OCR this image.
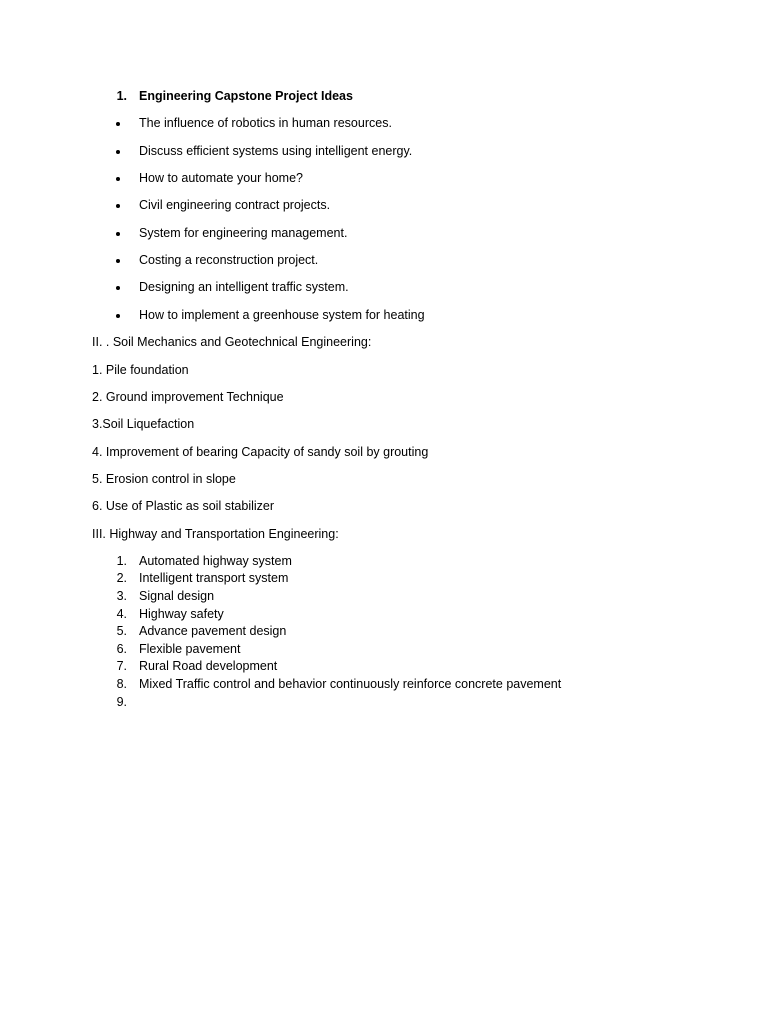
1. Engineering Capstone Project Ideas
The influence of robotics in human resources.
Discuss efficient systems using intelligent energy.
How to automate your home?
Civil engineering contract projects.
System for engineering management.
Costing a reconstruction project.
Designing an intelligent traffic system.
How to implement a greenhouse system for heating
II. . Soil Mechanics and Geotechnical Engineering:
1. Pile foundation
2. Ground improvement Technique
3.Soil Liquefaction
4. Improvement of bearing Capacity of sandy soil by grouting
5. Erosion control in slope
6. Use of Plastic as soil stabilizer
III. Highway and Transportation Engineering:
1. Automated highway system
2. Intelligent transport system
3. Signal design
4. Highway safety
5. Advance pavement design
6. Flexible pavement
7. Rural Road development
8. Mixed Traffic control and behavior continuously reinforce concrete pavement
9.
